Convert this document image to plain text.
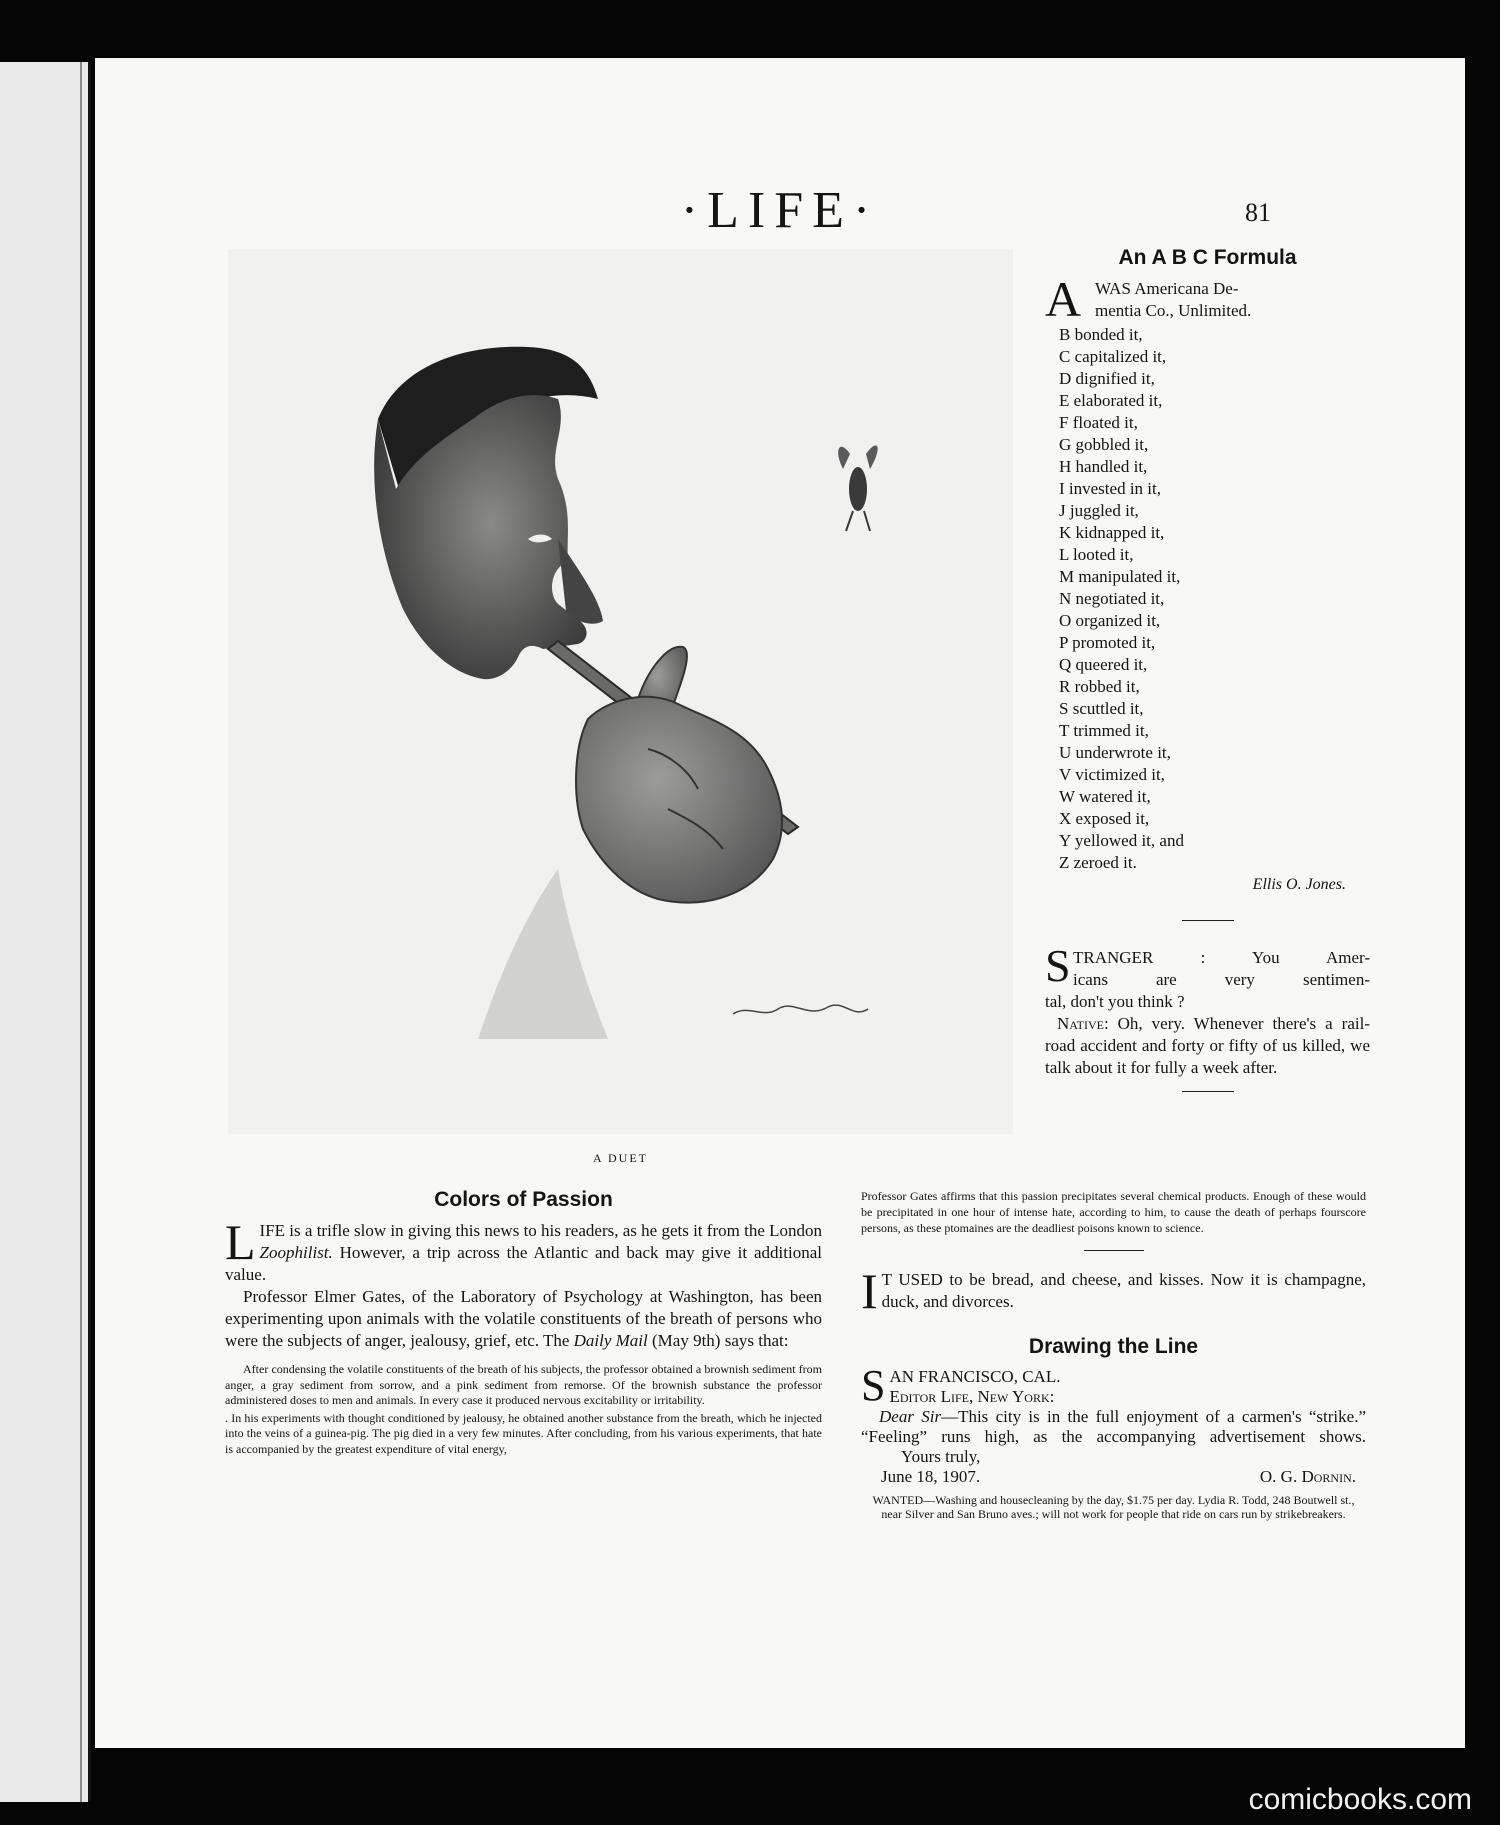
·LIFE·	81
A DUET
An A B C Formula
A WAS Americana De-
mentia Co., Unlimited.
B bonded it,
C capitalized it,
D dignified it,
E elaborated it,
F floated it,
G gobbled it,
H handled it,
I invested in it,
J juggled it,
K kidnapped it,
L looted it,
M manipulated it,
N negotiated it,
O organized it,
P promoted it,
Q queered it,
R robbed it,
S scuttled it,
T trimmed it,
U underwrote it,
V victimized it,
W watered it,
X exposed it,
Y yellowed it, and
Z zeroed it.
Ellis O. Jones.
S TRANGER : You Amer-
icans are very sentimen-
tal, don't you think ?
Native: Oh, very. Whenever there's a rail-road accident and forty or fifty of us killed, we talk about it for fully a week after.
Colors of Passion
LIFE is a trifle slow in giving this news to his readers, as he gets it from the London Zoophilist. However, a trip across the Atlantic and back may give it additional value.
Professor Elmer Gates, of the Laboratory of Psychology at Washington, has been experimenting upon animals with the volatile constituents of the breath of persons who were the subjects of anger, jealousy, grief, etc. The Daily Mail (May 9th) says that:
After condensing the volatile constituents of the breath of his subjects, the professor obtained a brownish sediment from anger, a gray sediment from sorrow, and a pink sediment from remorse. Of the brownish substance the professor administered doses to men and animals. In every case it produced nervous excitability or irritability.
. In his experiments with thought conditioned by jealousy, he obtained another substance from the breath, which he injected into the veins of a guinea-pig. The pig died in a very few minutes. After concluding, from his various experiments, that hate is accompanied by the greatest expenditure of vital energy,
Professor Gates affirms that this passion precipitates several chemical products. Enough of these would be precipitated in one hour of intense hate, according to him, to cause the death of perhaps fourscore persons, as these ptomaines are the deadliest poisons known to science.
I T USED to be bread, and cheese, and kisses. Now it is champagne, duck, and divorces.
Drawing the Line
S AN FRANCISCO, CAL.
Editor Life, New York:
Dear Sir—This city is in the full enjoyment of a carmen's “strike.” “Feeling” runs high, as the accompanying advertisement shows. Yours truly,
June 18, 1907.	O. G. Dornin.
WANTED—Washing and housecleaning by the day, $1.75 per day. Lydia R. Todd, 248 Boutwell st., near Silver and San Bruno aves.; will not work for people that ride on cars run by strikebreakers.
comicbooks.com
